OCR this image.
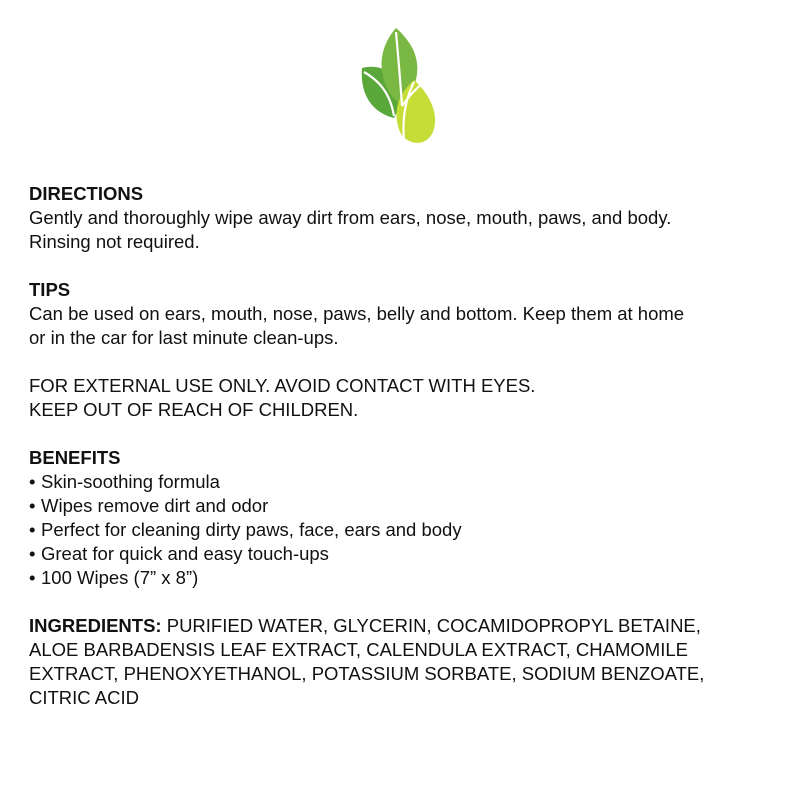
DIRECTIONS
Gently and thoroughly wipe away dirt from ears, nose, mouth, paws, and body.
Rinsing not required.
TIPS
Can be used on ears, mouth, nose, paws, belly and bottom. Keep them at home
or in the car for last minute clean-ups.
FOR EXTERNAL USE ONLY. AVOID CONTACT WITH EYES.
KEEP OUT OF REACH OF CHILDREN.
BENEFITS
• Skin-soothing formula
• Wipes remove dirt and odor
• Perfect for cleaning dirty paws, face, ears and body
• Great for quick and easy touch-ups
• 100 Wipes (7” x 8”)
INGREDIENTS: PURIFIED WATER, GLYCERIN, COCAMIDOPROPYL BETAINE,
ALOE BARBADENSIS LEAF EXTRACT, CALENDULA EXTRACT, CHAMOMILE
EXTRACT, PHENOXYETHANOL, POTASSIUM SORBATE, SODIUM BENZOATE,
CITRIC ACID
